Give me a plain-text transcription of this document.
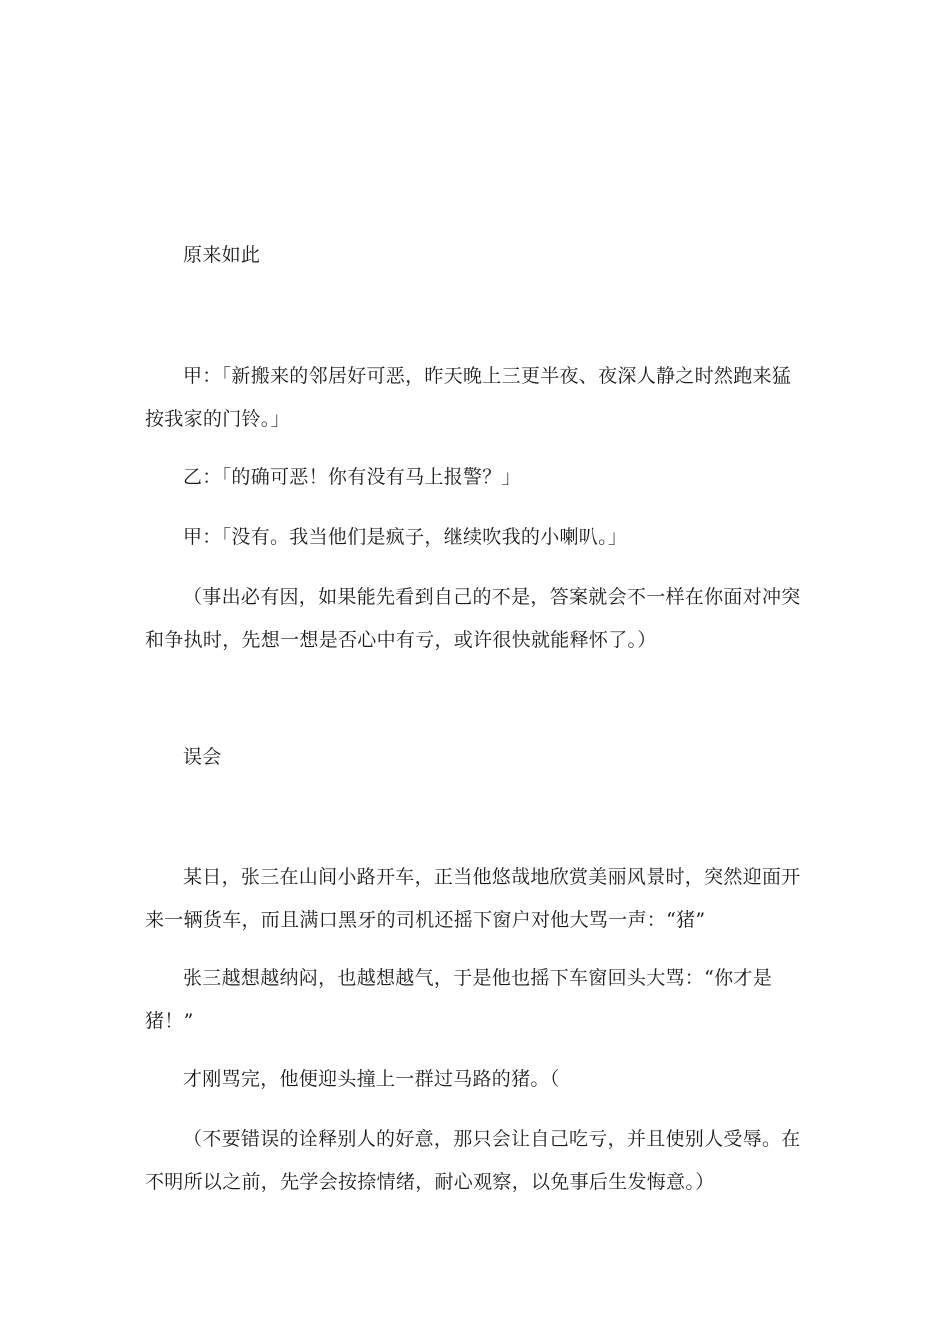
原来如此

甲：「新搬来的邻居好可恶，昨天晚上三更半夜、夜深人静之时然跑来猛按我家的门铃。」

乙：「的确可恶！你有没有马上报警？」

甲：「没有。我当他们是疯子，继续吹我的小喇叭。」

（事出必有因，如果能先看到自己的不是，答案就会不一样在你面对冲突和争执时，先想一想是否心中有亏，或许很快就能释怀了。）

误会

某日，张三在山间小路开车，正当他悠哉地欣赏美丽风景时，突然迎面开来一辆货车，而且满口黑牙的司机还摇下窗户对他大骂一声：“猪”

张三越想越纳闷，也越想越气，于是他也摇下车窗回头大骂：“你才是猪！”

才刚骂完，他便迎头撞上一群过马路的猪。（

（不要错误的诠释别人的好意，那只会让自己吃亏，并且使别人受辱。在不明所以之前，先学会按捺情绪，耐心观察，以免事后生发悔意。）
